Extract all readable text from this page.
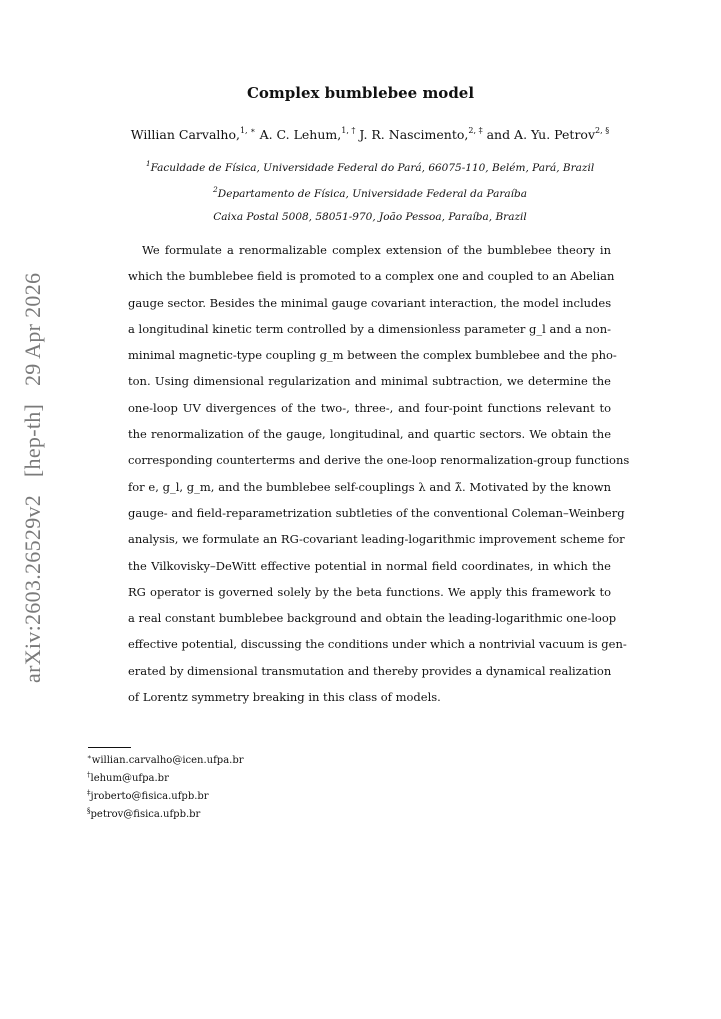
arXiv:2603.26529v2 [hep-th] 29 Apr 2026
Complex bumblebee model
Willian Carvalho,$^{1, ∗}$ A. C. Lehum,$^{1, \dagger}$ J. R. Nascimento,$^{2, \ddagger}$ and A. Yu. Petrov$^{2, \S}$
$^1$Faculdade de Física, Universidade Federal do Pará, 66075-110, Belém, Pará, Brazil
$^2$Departamento de Física, Universidade Federal da Paraíba
Caixa Postal 5008, 58051-970, João Pessoa, Paraíba, Brazil
We formulate a renormalizable complex extension of the bumblebee theory in
which the bumblebee field is promoted to a complex one and coupled to an Abelian
gauge sector. Besides the minimal gauge covariant interaction, the model includes
a longitudinal kinetic term controlled by a dimensionless parameter g_l and a non-
minimal magnetic-type coupling g_m between the complex bumblebee and the pho-
ton. Using dimensional regularization and minimal subtraction, we determine the
one-loop UV divergences of the two-, three-, and four-point functions relevant to
the renormalization of the gauge, longitudinal, and quartic sectors. We obtain the
corresponding counterterms and derive the one-loop renormalization-group functions
for e, g_l, g_m, and the bumblebee self-couplings λ and λ̃. Motivated by the known
gauge- and field-reparametrization subtleties of the conventional Coleman–Weinberg
analysis, we formulate an RG-covariant leading-logarithmic improvement scheme for
the Vilkovisky–DeWitt effective potential in normal field coordinates, in which the
RG operator is governed solely by the beta functions. We apply this framework to
a real constant bumblebee background and obtain the leading-logarithmic one-loop
effective potential, discussing the conditions under which a nontrivial vacuum is gen-
erated by dimensional transmutation and thereby provides a dynamical realization
of Lorentz symmetry breaking in this class of models.
∗willian.carvalho@icen.ufpa.br
†lehum@ufpa.br
‡jroberto@fisica.ufpb.br
§petrov@fisica.ufpb.br
